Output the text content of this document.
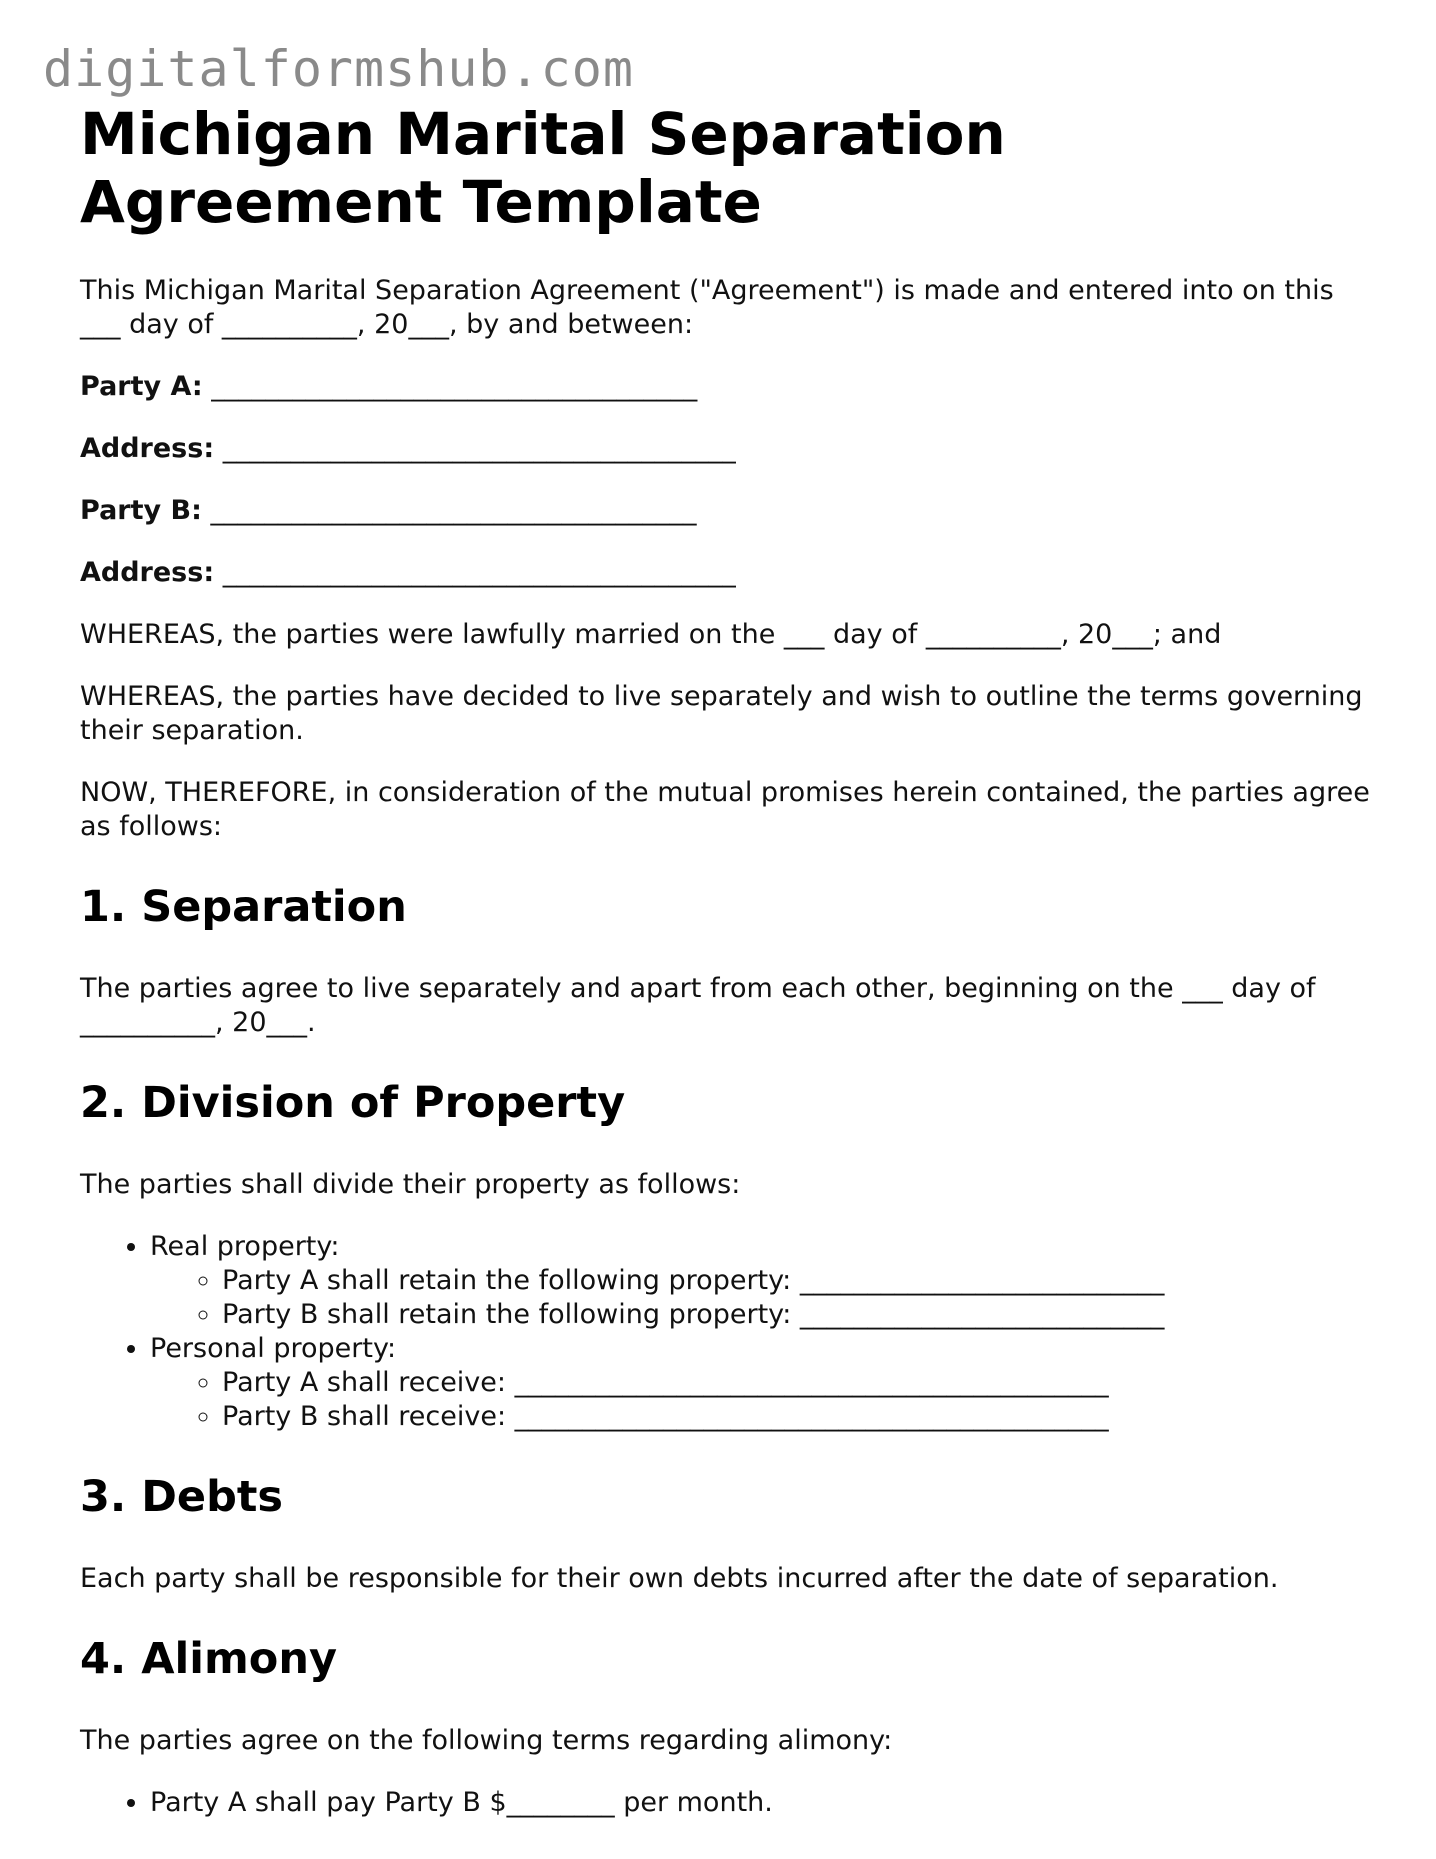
digitalformshub.com
Michigan Marital Separation Agreement Template

This Michigan Marital Separation Agreement ("Agreement") is made and entered into on this ___ day of __________, 20___, by and between:

Party A: ____________________________________

Address: ______________________________________

Party B: ____________________________________

Address: ______________________________________

WHEREAS, the parties were lawfully married on the ___ day of __________, 20___; and

WHEREAS, the parties have decided to live separately and wish to outline the terms governing their separation.

NOW, THEREFORE, in consideration of the mutual promises herein contained, the parties agree as follows:

1. Separation

The parties agree to live separately and apart from each other, beginning on the ___ day of __________, 20___.

2. Division of Property

The parties shall divide their property as follows:

• Real property:
◦ Party A shall retain the following property: ___________________________
◦ Party B shall retain the following property: ___________________________
• Personal property:
◦ Party A shall receive: ____________________________________________
◦ Party B shall receive: ____________________________________________
3. Debts

Each party shall be responsible for their own debts incurred after the date of separation.

4. Alimony

The parties agree on the following terms regarding alimony:

• Party A shall pay Party B $________ per month.
